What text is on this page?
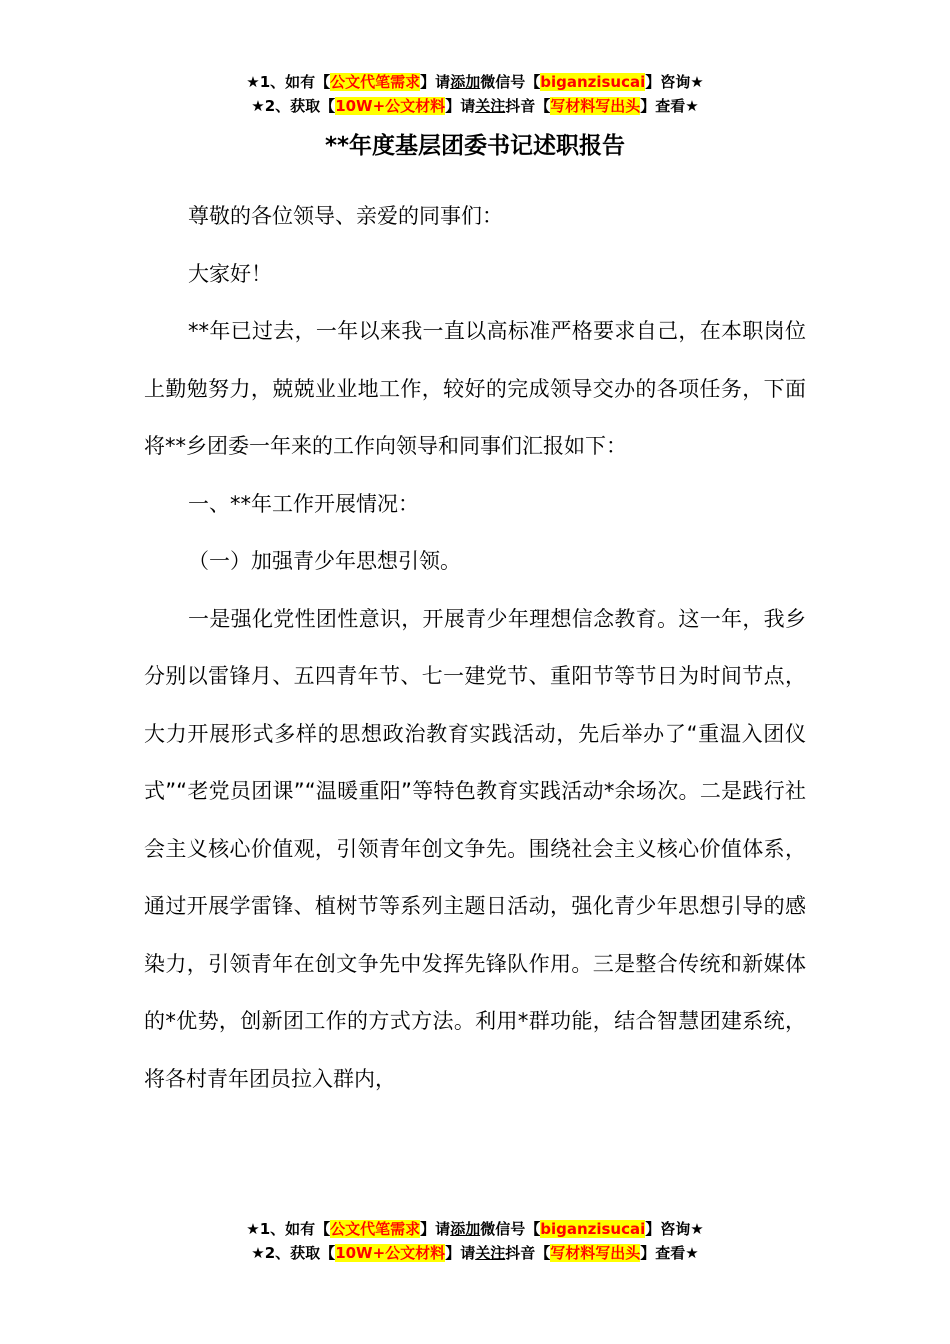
★1、如有【公文代笔需求】请添加微信号【biganzisucai】咨询★
★2、获取【10W+公文材料】请关注抖音【写材料写出头】查看★
**年度基层团委书记述职报告

尊敬的各位领导、亲爱的同事们：

大家好！

**年已过去，一年以来我一直以高标准严格要求自己，在本职岗位上勤勉努力，兢兢业业地工作，较好的完成领导交办的各项任务，下面将**乡团委一年来的工作向领导和同事们汇报如下：

一、**年工作开展情况：

（一）加强青少年思想引领。

一是强化党性团性意识，开展青少年理想信念教育。这一年，我乡分别以雷锋月、五四青年节、七一建党节、重阳节等节日为时间节点，大力开展形式多样的思想政治教育实践活动，先后举办了“重温入团仪式”“老党员团课”“温暖重阳”等特色教育实践活动*余场次。二是践行社会主义核心价值观，引领青年创文争先。围绕社会主义核心价值体系，通过开展学雷锋、植树节等系列主题日活动，强化青少年思想引导的感染力，引领青年在创文争先中发挥先锋队作用。三是整合传统和新媒体的*优势，创新团工作的方式方法。利用*群功能，结合智慧团建系统，将各村青年团员拉入群内，

★1、如有【公文代笔需求】请添加微信号【biganzisucai】咨询★
★2、获取【10W+公文材料】请关注抖音【写材料写出头】查看★
